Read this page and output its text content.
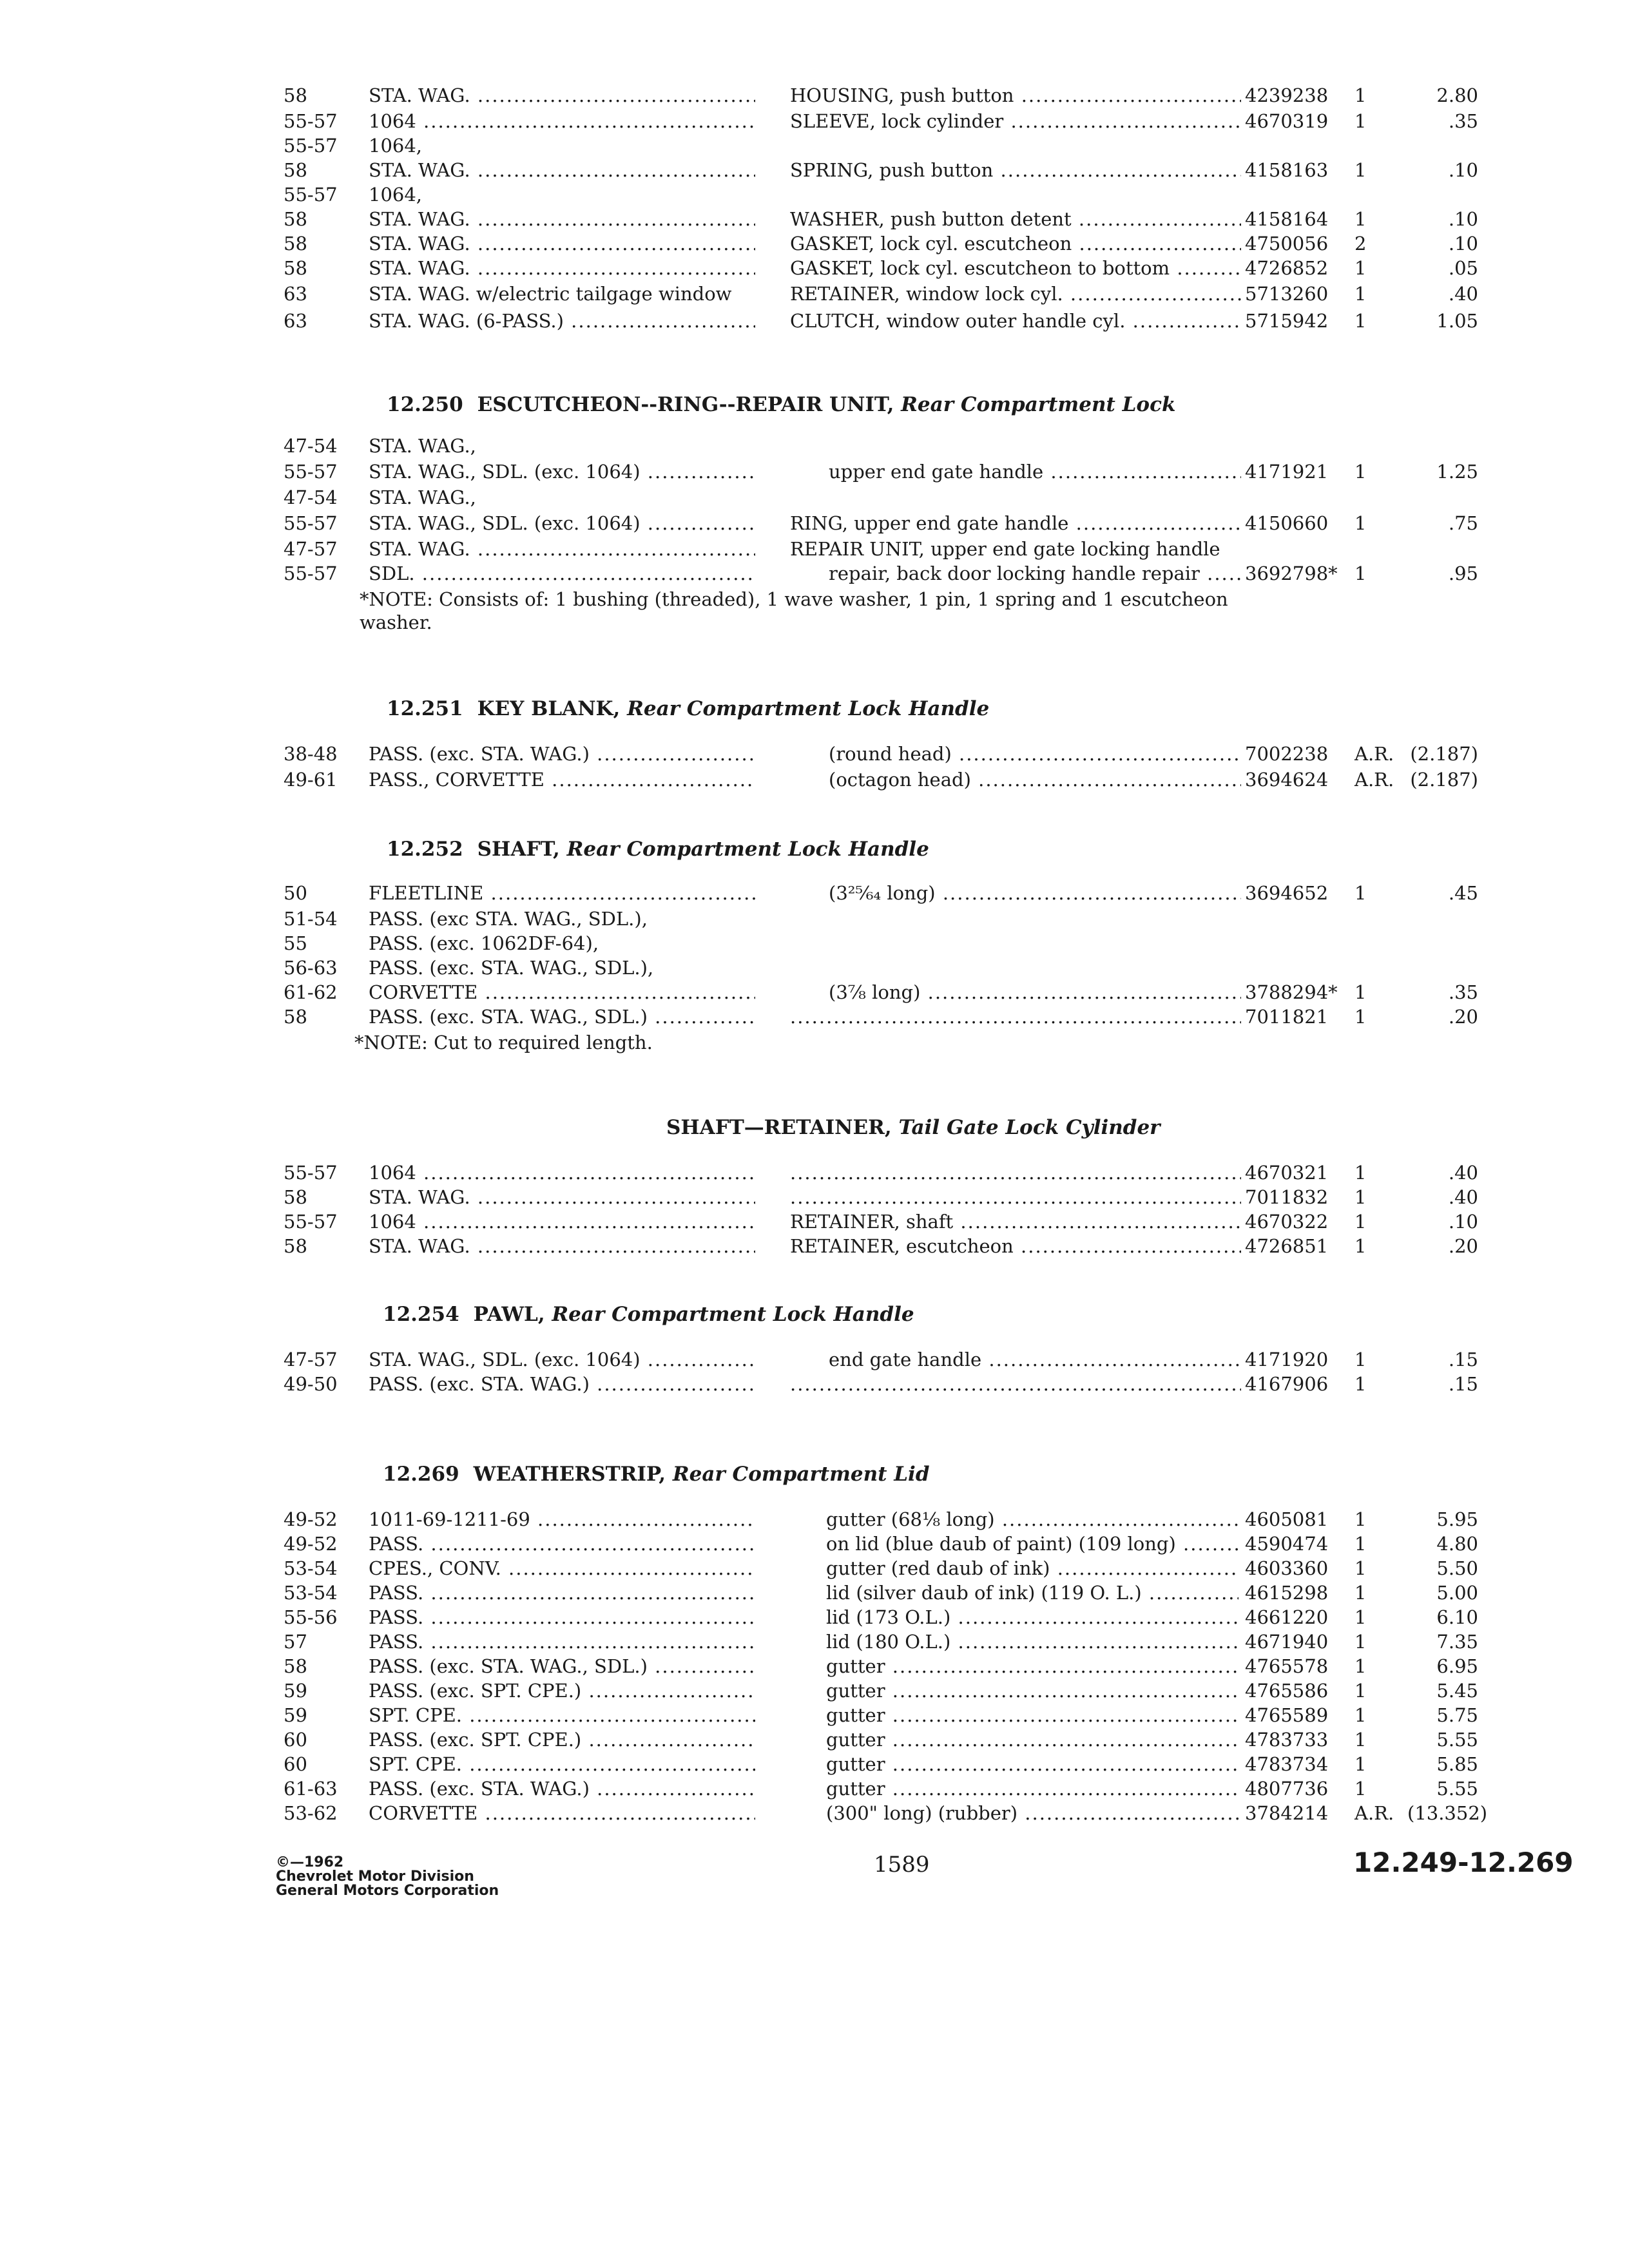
58	STA. WAG. .....	HOUSING, push button .....	4239238 1	2.80
55-57 1064 .....	SLEEVE, lock cylinder .....	4670319 1	.35
55-57 1064,
58	STA. WAG. .....	SPRING, push button .....	4158163 1	.10
55-57 1064,
58	STA. WAG. .....	WASHER, push button detent .....	4158164 1	.10
58	STA. WAG. .....	GASKET, lock cyl. escutcheon .....	4750056 2	.10
58	STA. WAG. .....	GASKET, lock cyl. escutcheon to bottom .....	4726852 1	.05
63	STA. WAG. w/electric tailgage window	RETAINER, window lock cyl. .....	5713260 1	.40
63	STA. WAG. (6-PASS.) .....	CLUTCH, window outer handle cyl. .....	5715942 1	1.05
12.250 ESCUTCHEON--RING--REPAIR UNIT, Rear Compartment Lock
47-54 STA. WAG.,
55-57 STA. WAG., SDL. (exc. 1064) .....	upper end gate handle .....	4171921 1	1.25
47-54 STA. WAG.,
55-57 STA. WAG., SDL. (exc. 1064) .....	RING, upper end gate handle .....	4150660 1	.75
47-57 STA. WAG. .....	REPAIR UNIT, upper end gate locking handle
55-57 SDL. .....	repair, back door locking handle repair .....	3692798* 1	.95
*NOTE: Consists of: 1 bushing (threaded), 1 wave washer, 1 pin, 1 spring and 1 escutcheon washer.
12.251 KEY BLANK, Rear Compartment Lock Handle
38-48 PASS. (exc. STA. WAG.) .....	(round head) .....	7002238 A.R. (2.187)
49-61 PASS., CORVETTE .....	(octagon head) .....	3694624 A.R. (2.187)
12.252 SHAFT, Rear Compartment Lock Handle
50	FLEETLINE .....	(3²⁵⁄₆₄ long) .....	3694652 1	.45
51-54 PASS. (exc STA. WAG., SDL.),
55	PASS. (exc. 1062DF-64),
56-63 PASS. (exc. STA. WAG., SDL.),
61-62 CORVETTE .....	(3⅞ long) .....	3788294* 1	.35
58	PASS. (exc. STA. WAG., SDL.) ..... .....	7011821 1	.20
*NOTE: Cut to required length.
SHAFT—RETAINER, Tail Gate Lock Cylinder
55-57 1064 ..... .....	4670321 1	.40
58	STA. WAG. ..... .....	7011832 1	.40
55-57 1064 .....	RETAINER, shaft .....	4670322 1	.10
58	STA. WAG. .....	RETAINER, escutcheon .....	4726851 1	.20
12.254 PAWL, Rear Compartment Lock Handle
47-57 STA. WAG., SDL. (exc. 1064) .....	end gate handle .....	4171920 1	.15
49-50 PASS. (exc. STA. WAG.) ..... .....	4167906 1	.15
12.269 WEATHERSTRIP, Rear Compartment Lid
49-52 1011-69-1211-69 .....	gutter (68⅛ long) .....	4605081 1	5.95
49-52 PASS. .....	on lid (blue daub of paint) (109 long) .....	4590474 1	4.80
53-54 CPES., CONV. .....	gutter (red daub of ink) .....	4603360 1	5.50
53-54 PASS. .....	lid (silver daub of ink) (119 O. L.) .....	4615298 1	5.00
55-56 PASS. .....	lid (173 O.L.) .....	4661220 1	6.10
57	PASS. .....	lid (180 O.L.) .....	4671940 1	7.35
58	PASS. (exc. STA. WAG., SDL.) .....	gutter .....	4765578 1	6.95
59	PASS. (exc. SPT. CPE.) .....	gutter .....	4765586 1	5.45
59	SPT. CPE. .....	gutter .....	4765589 1	5.75
60	PASS. (exc. SPT. CPE.) .....	gutter .....	4783733 1	5.55
60	SPT. CPE. .....	gutter .....	4783734 1	5.85
61-63 PASS. (exc. STA. WAG.) .....	gutter .....	4807736 1	5.55
53-62 CORVETTE .....	(300" long) (rubber) .....	3784214 A.R. (13.352)
©—1962
Chevrolet Motor Division
General Motors Corporation
1589	12.249-12.269
